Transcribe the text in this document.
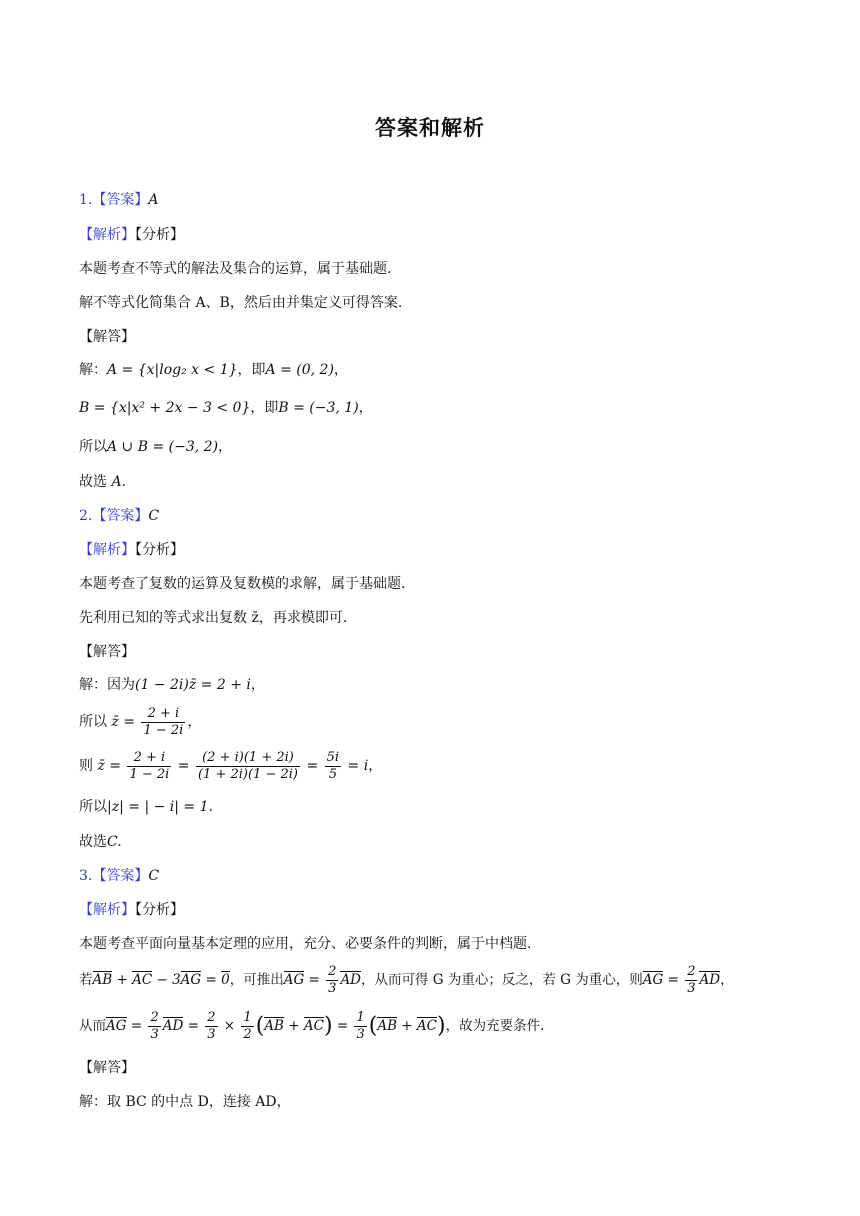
答案和解析
1.【答案】A
【解析】【分析】
本题考查不等式的解法及集合的运算，属于基础题.
解不等式化简集合 A、B，然后由并集定义可得答案.
【解答】
解：A = {x|log₂ x < 1}，即A = (0, 2)，
B = {x|x² + 2x − 3 < 0}，即B = (−3, 1)，
所以A ∪ B = (−3, 2)，
故选 A.
2.【答案】C
【解析】【分析】
本题考查了复数的运算及复数模的求解，属于基础题.
先利用已知的等式求出复数 z̄，再求模即可.
【解答】
解：因为(1 − 2i)z̄ = 2 + i，
所以 z̄ = $\frac{2 + i}{1 - 2i}$ ，
则 z̄ = $\frac{2 + i}{1 - 2i} = \frac{(2 + i)(1 + 2i)}{(1 + 2i)(1 - 2i)} = \frac{5i}{5} = i$，
所以|z| = | − i| = 1.
故选C.
3.【答案】C
【解析】【分析】
本题考查平面向量基本定理的应用，充分、必要条件的判断，属于中档题.
若AB + AC − 3AG = 0，可推出AG = $\frac{2}{3}$ AD，从而可得 G 为重心；反之，若 G 为重心，则AG = $\frac{2}{3}$ AD，
从而AG = $\frac{2}{3}$ AD = $\frac{2}{3} \times \frac{1}{2} (AB + AC) = \frac{1}{3} (AB + AC)$，故为充要条件.
【解答】
解：取 BC 的中点 D，连接 AD，
